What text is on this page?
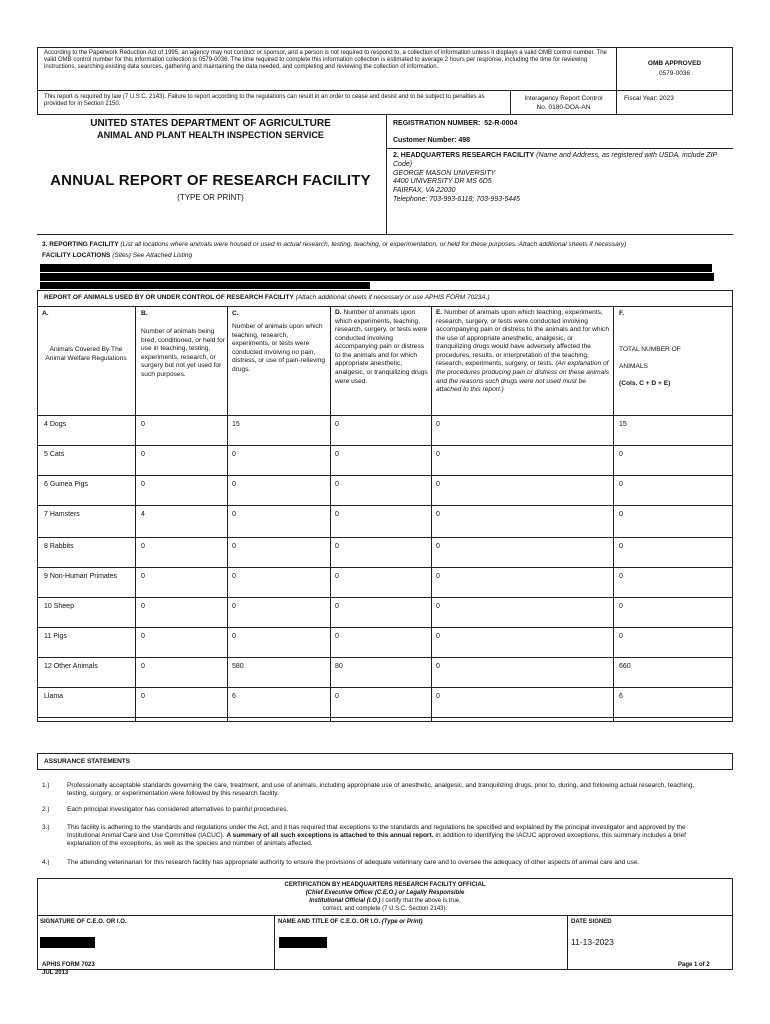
According to the Paperwork Reduction Act of 1995, an agency may not conduct or sponsor, and a person is not required to respond to, a collection of information unless it displays a valid OMB control number. The valid OMB control number for this information collection is 0579-0036. The time required to complete this information collection is estimated to average 2 hours per response, including the time for reviewing instructions, searching existing data sources, gathering and maintaining the data needed, and completing and reviewing the collection of information.
OMB APPROVED
0579-0036
This report is required by law (7 U.S.C. 2143). Failure to report according to the regulations can result in an order to cease and desist and to be subject to penalties as provided for in Section 2150.
Interagency Report Control
No. 0180-DOA-AN
Fiscal Year: 2023
UNITED STATES DEPARTMENT OF AGRICULTURE
ANIMAL AND PLANT HEALTH INSPECTION SERVICE
ANNUAL REPORT OF RESEARCH FACILITY
(TYPE OR PRINT)
REGISTRATION NUMBER: 52-R-0004
Customer Number: 498
2. HEADQUARTERS RESEARCH FACILITY (Name and Address, as registered with USDA, include ZIP Code)
GEORGE MASON UNIVERSITY
4400 UNIVERSITY DR MS 6D5
FAIRFAX, VA 22030
Telephone: 703-993-6118; 703-993-5445
3. REPORTING FACILITY (List all locations where animals were housed or used in actual research, testing, teaching, or experimentation, or held for these purposes. Attach additional sheets if necessary)
FACILITY LOCATIONS (Sites) See Attached Listing
REPORT OF ANIMALS USED BY OR UNDER CONTROL OF RESEARCH FACILITY (Attach additional sheets if necessary or use APHIS FORM 7023A.)
A.
Animals Covered By The Animal Welfare Regulations
B.
Number of animals being bred, conditioned, or held for use in teaching, testing, experiments, research, or surgery but not yet used for such purposes.
C.
Number of animals upon which teaching, research, experiments, or tests were conducted involving no pain, distress, or use of pain-relieving drugs.
D. Number of animals upon which experiments, teaching, research, surgery, or tests were conducted involving accompanying pain or distress to the animals and for which appropriate anesthetic, analgesic, or tranquilizing drugs were used.
E. Number of animals upon which teaching, experiments, research, surgery, or tests were conducted involving accompanying pain or distress to the animals and for which the use of appropriate anesthetic, analgesic, or tranquilizing drugs would have adversely affected the procedures, results, or interpretation of the teaching, research, experiments, surgery, or tests. (An explanation of the procedures producing pain or distress on these animals and the reasons such drugs were not used must be attached to this report.)
F.
TOTAL NUMBER OF
ANIMALS
(Cols. C + D + E)
4 Dogs	0	15	0	0	15
5 Cats	0	0	0	0	0
6 Guinea Pigs	0	0	0	0	0
7 Hamsters	4	0	0	0	0
8 Rabbits	0	0	0	0	0
9 Non-Human Primates	0	0	0	0	0
10 Sheep	0	0	0	0	0
11 Pigs	0	0	0	0	0
12 Other Animals	0	580	80	0	660
Llama	0	6	0	0	6
ASSURANCE STATEMENTS
1.)	Professionally acceptable standards governing the care, treatment, and use of animals, including appropriate use of anesthetic, analgesic, and tranquilizing drugs, prior to, during, and following actual research, teaching, testing, surgery, or experimentation were followed by this research facility.
2.)	Each principal investigator has considered alternatives to painful procedures.
3.)	This facility is adhering to the standards and regulations under the Act, and it has required that exceptions to the standards and regulations be specified and explained by the principal investigator and approved by the Institutional Animal Care and Use Committee (IACUC). A summary of all such exceptions is attached to this annual report. In addition to identifying the IACUC approved exceptions, this summary includes a brief explanation of the exceptions, as well as the species and number of animals affected.
4.)	The attending veterinarian for this research facility has appropriate authority to ensure the provisions of adequate veterinary care and to oversee the adequacy of other aspects of animal care and use.
CERTIFICATION BY HEADQUARTERS RESEARCH FACILITY OFFICIAL
(Chief Executive Officer (C.E.O.) or Legally Responsible
Institutional Official (I.O.) I certify that the above is true,
correct, and complete (7 U.S.C. Section 2143).
SIGNATURE OF C.E.O. OR I.O.	NAME AND TITLE OF C.E.O. OR I.O. (Type or Print)	DATE SIGNED
11-13-2023
APHIS FORM 7023
JUL 2013
Page 1 of 2
